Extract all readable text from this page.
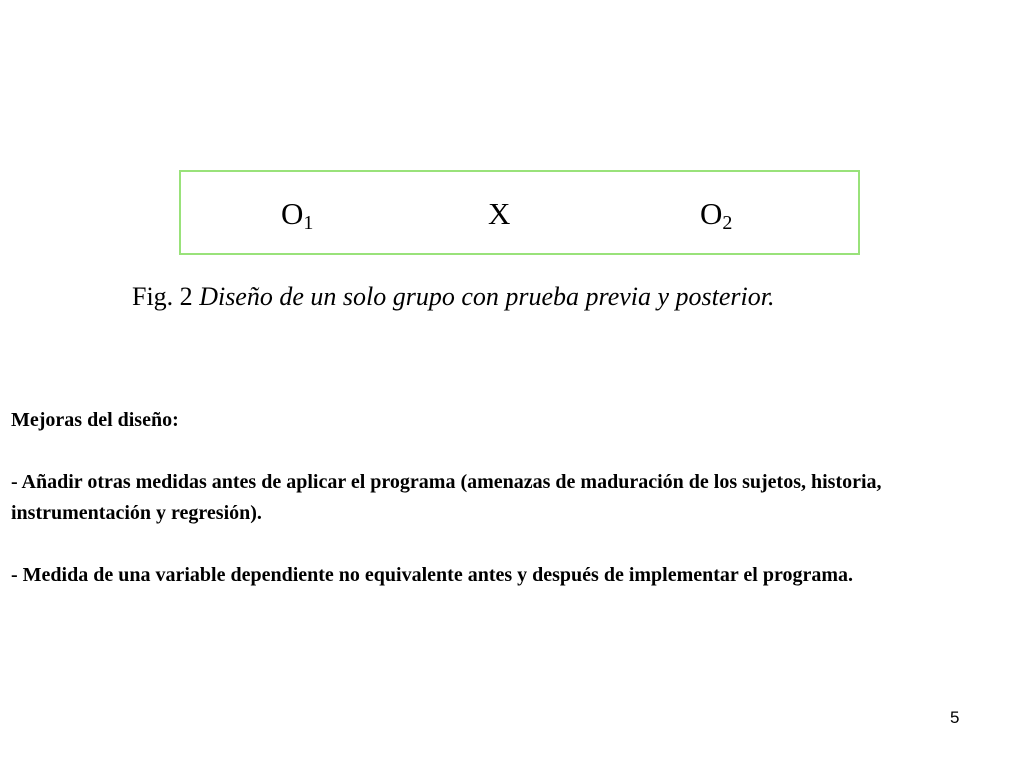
$O_1$	X	$O_2$
Fig. 2 Diseño de un solo grupo con prueba previa y posterior.

Mejoras del diseño:

- Añadir otras medidas antes de aplicar el programa (amenazas de maduración de los sujetos, historia, instrumentación y regresión).

- Medida de una variable dependiente no equivalente antes y después de implementar el programa.

5
